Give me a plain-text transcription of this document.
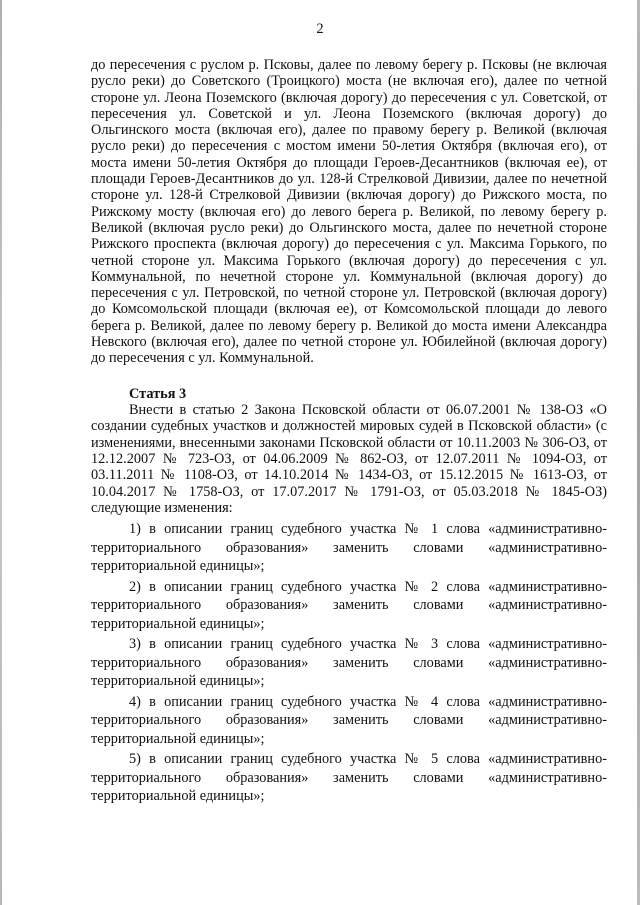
2

до пересечения с руслом р. Псковы, далее по левому берегу р. Псковы (не включая русло реки) до Советского (Троицкого) моста (не включая его), далее по четной стороне ул. Леона Поземского (включая дорогу) до пересечения с ул. Советской, от пересечения ул. Советской и ул. Леона Поземского (включая дорогу) до Ольгинского моста (включая его), далее по правому берегу р. Великой (включая русло реки) до пересечения с мостом имени 50-летия Октября (включая его), от моста имени 50-летия Октября до площади Героев-Десантников (включая ее), от площади Героев-Десантников до ул. 128-й Стрелковой Дивизии, далее по нечетной стороне ул. 128-й Стрелковой Дивизии (включая дорогу) до Рижского моста, по Рижскому мосту (включая его) до левого берега р. Великой, по левому берегу р. Великой (включая русло реки) до Ольгинского моста, далее по нечетной стороне Рижского проспекта (включая дорогу) до пересечения с ул. Максима Горького, по четной стороне ул. Максима Горького (включая дорогу) до пересечения с ул. Коммунальной, по нечетной стороне ул. Коммунальной (включая дорогу) до пересечения с ул. Петровской, по четной стороне ул. Петровской (включая дорогу) до Комсомольской площади (включая ее), от Комсомольской площади до левого берега р. Великой, далее по левому берегу р. Великой до моста имени Александра Невского (включая его), далее по четной стороне ул. Юбилейной (включая дорогу) до пересечения с ул. Коммунальной.

Статья 3

Внести в статью 2 Закона Псковской области от 06.07.2001 № 138-ОЗ «О создании судебных участков и должностей мировых судей в Псковской области» (с изменениями, внесенными законами Псковской области от 10.11.2003 № 306-ОЗ, от 12.12.2007 № 723-ОЗ, от 04.06.2009 № 862-ОЗ, от 12.07.2011 № 1094-ОЗ, от 03.11.2011 № 1108-ОЗ, от 14.10.2014 № 1434-ОЗ, от 15.12.2015 № 1613-ОЗ, от 10.04.2017 № 1758-ОЗ, от 17.07.2017 № 1791-ОЗ, от 05.03.2018 № 1845-ОЗ) следующие изменения:

1) в описании границ судебного участка № 1 слова «административно-территориального образования» заменить словами «административно-территориальной единицы»;

2) в описании границ судебного участка № 2 слова «административно-территориального образования» заменить словами «административно-территориальной единицы»;

3) в описании границ судебного участка № 3 слова «административно-территориального образования» заменить словами «административно-территориальной единицы»;

4) в описании границ судебного участка № 4 слова «административно-территориального образования» заменить словами «административно-территориальной единицы»;

5) в описании границ судебного участка № 5 слова «административно-территориального образования» заменить словами «административно-территориальной единицы»;
